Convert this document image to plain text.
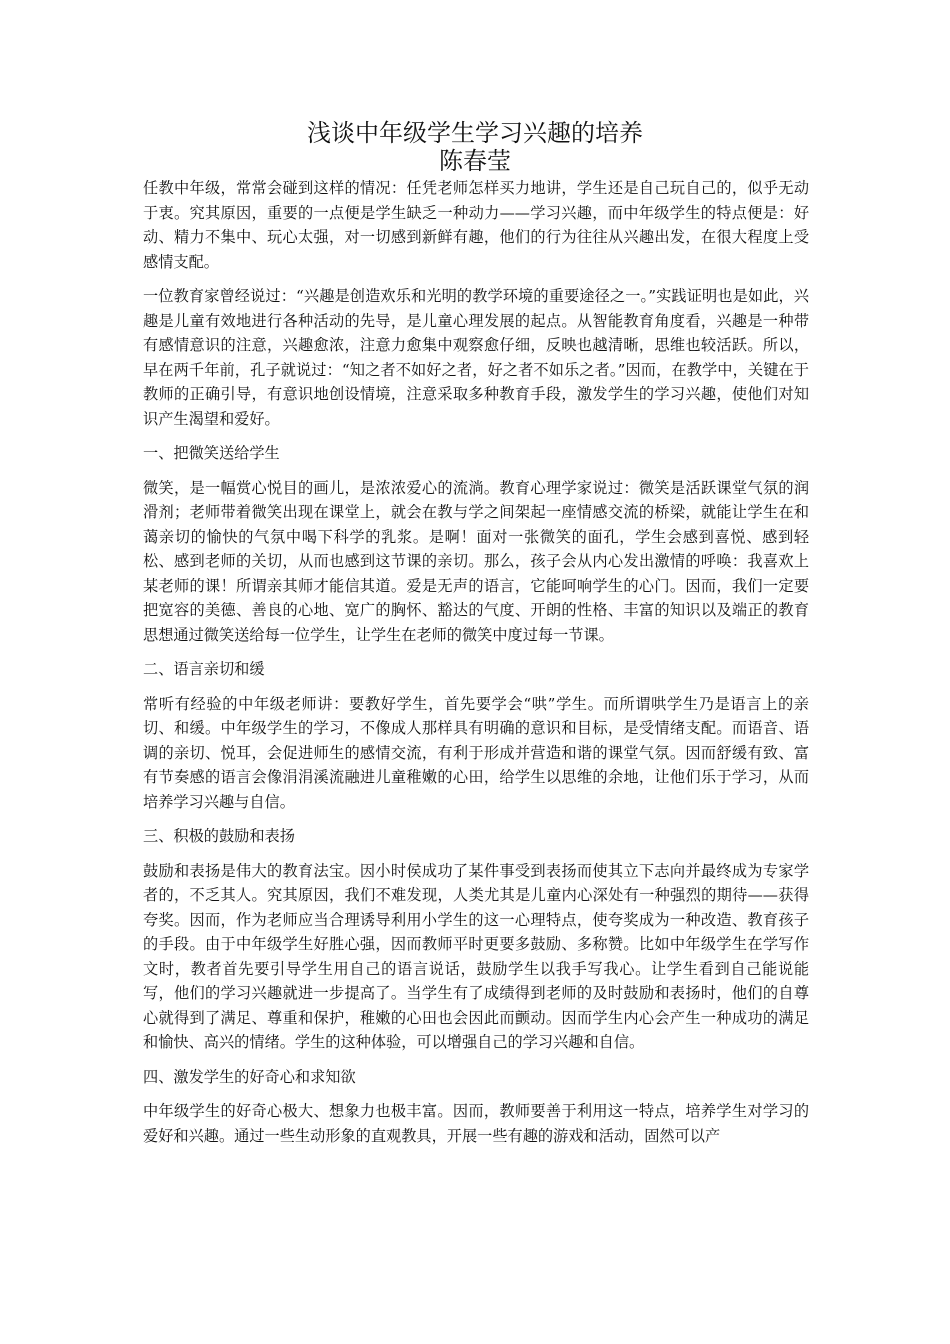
浅谈中年级学生学习兴趣的培养
陈春莹

任教中年级，常常会碰到这样的情况：任凭老师怎样买力地讲，学生还是自己玩自己的，似乎无动于衷。究其原因，重要的一点便是学生缺乏一种动力——学习兴趣，而中年级学生的特点便是：好动、精力不集中、玩心太强，对一切感到新鲜有趣，他们的行为往往从兴趣出发，在很大程度上受感情支配。

一位教育家曾经说过：“兴趣是创造欢乐和光明的教学环境的重要途径之一。”实践证明也是如此，兴趣是儿童有效地进行各种活动的先导，是儿童心理发展的起点。从智能教育角度看，兴趣是一种带有感情意识的注意，兴趣愈浓，注意力愈集中观察愈仔细，反映也越清晰，思维也较活跃。所以，早在两千年前，孔子就说过：“知之者不如好之者，好之者不如乐之者。”因而，在教学中，关键在于教师的正确引导，有意识地创设情境，注意采取多种教育手段，激发学生的学习兴趣，使他们对知识产生渴望和爱好。

一、把微笑送给学生

微笑，是一幅赏心悦目的画儿，是浓浓爱心的流淌。教育心理学家说过：微笑是活跃课堂气氛的润滑剂；老师带着微笑出现在课堂上，就会在教与学之间架起一座情感交流的桥梁，就能让学生在和蔼亲切的愉快的气氛中喝下科学的乳浆。是啊！面对一张微笑的面孔，学生会感到喜悦、感到轻松、感到老师的关切，从而也感到这节课的亲切。那么，孩子会从内心发出激情的呼唤：我喜欢上某老师的课！所谓亲其师才能信其道。爱是无声的语言，它能呵响学生的心门。因而，我们一定要把宽容的美德、善良的心地、宽广的胸怀、豁达的气度、开朗的性格、丰富的知识以及端正的教育思想通过微笑送给每一位学生，让学生在老师的微笑中度过每一节课。

二、语言亲切和缓

常听有经验的中年级老师讲：要教好学生，首先要学会“哄”学生。而所谓哄学生乃是语言上的亲切、和缓。中年级学生的学习，不像成人那样具有明确的意识和目标，是受情绪支配。而语音、语调的亲切、悦耳，会促进师生的感情交流，有利于形成并营造和谐的课堂气氛。因而舒缓有致、富有节奏感的语言会像涓涓溪流融进儿童稚嫩的心田，给学生以思维的余地，让他们乐于学习，从而培养学习兴趣与自信。

三、积极的鼓励和表扬

鼓励和表扬是伟大的教育法宝。因小时侯成功了某件事受到表扬而使其立下志向并最终成为专家学者的，不乏其人。究其原因，我们不难发现，人类尤其是儿童内心深处有一种强烈的期待——获得夸奖。因而，作为老师应当合理诱导利用小学生的这一心理特点，使夸奖成为一种改造、教育孩子的手段。由于中年级学生好胜心强，因而教师平时更要多鼓励、多称赞。比如中年级学生在学写作文时，教者首先要引导学生用自己的语言说话，鼓励学生以我手写我心。让学生看到自己能说能写，他们的学习兴趣就进一步提高了。当学生有了成绩得到老师的及时鼓励和表扬时，他们的自尊心就得到了满足、尊重和保护，稚嫩的心田也会因此而颤动。因而学生内心会产生一种成功的满足和愉快、高兴的情绪。学生的这种体验，可以增强自己的学习兴趣和自信。

四、激发学生的好奇心和求知欲

中年级学生的好奇心极大、想象力也极丰富。因而，教师要善于利用这一特点，培养学生对学习的爱好和兴趣。通过一些生动形象的直观教具，开展一些有趣的游戏和活动，固然可以产
